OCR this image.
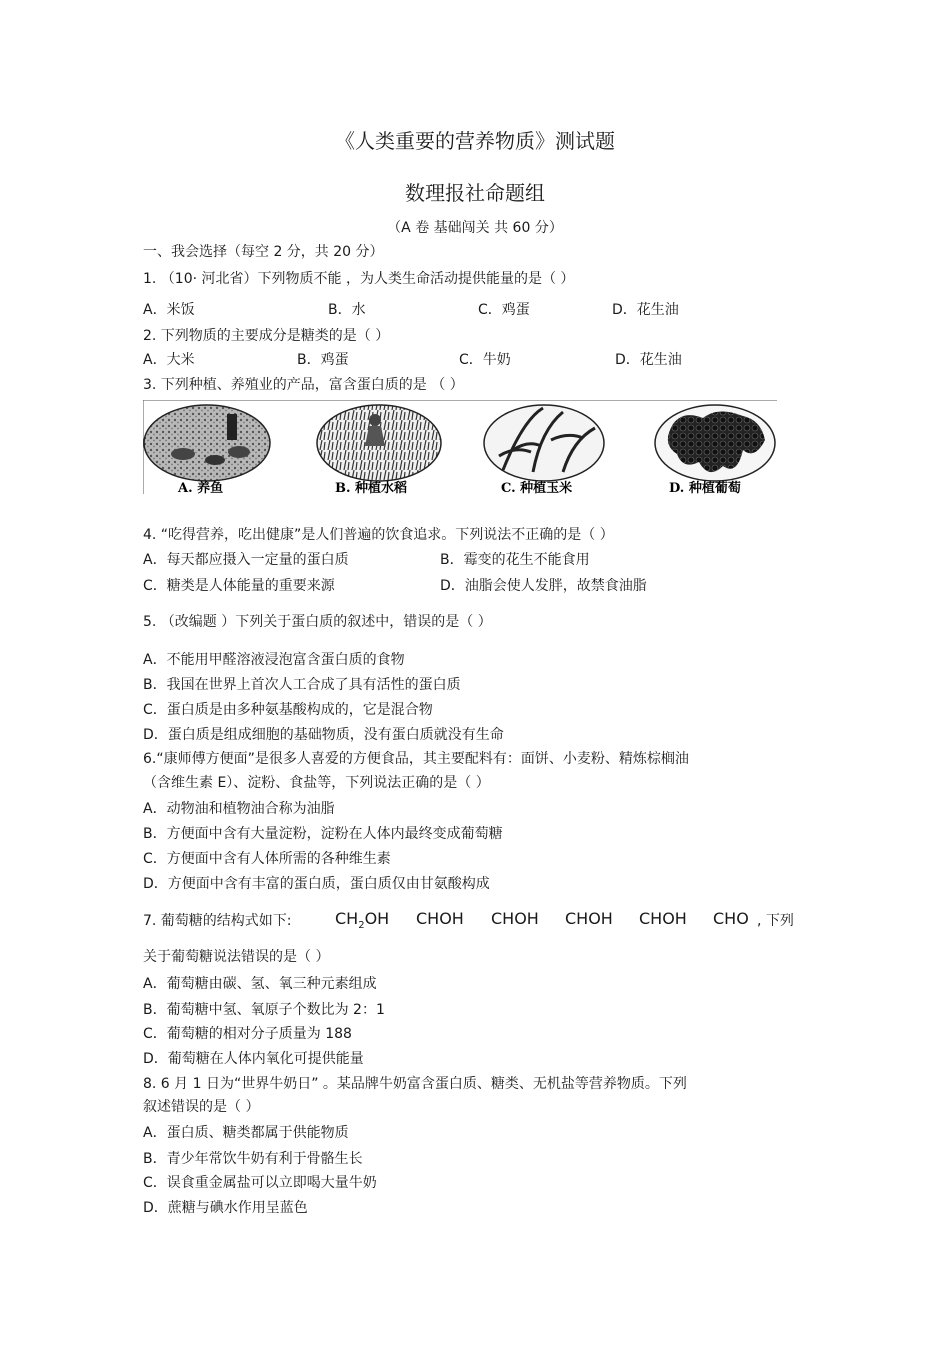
《人类重要的营养物质》测试题
数理报社命题组
（A 卷 基础闯关 共 60 分）
一、我会选择（每空 2 分，共 20 分）
1. （10· 河北省）下列物质不能 ，为人类生命活动提供能量的是（ ）
A．米饭	B．水	C．鸡蛋	D．花生油
2. 下列物质的主要成分是糖类的是（ ）
A．大米	B．鸡蛋	C．牛奶	D．花生油
3. 下列种植、养殖业的产品，富含蛋白质的是 （ ）
A. 养鱼	B. 种植水稻	C. 种植玉米	D. 种植葡萄
4. “吃得营养，吃出健康”是人们普遍的饮食追求。下列说法不正确的是（ ）
A．每天都应摄入一定量的蛋白质	B．霉变的花生不能食用
C．糖类是人体能量的重要来源	D．油脂会使人发胖，故禁食油脂
5. （改编题 ）下列关于蛋白质的叙述中，错误的是（ ）
A．不能用甲醛溶液浸泡富含蛋白质的食物
B．我国在世界上首次人工合成了具有活性的蛋白质
C．蛋白质是由多种氨基酸构成的，它是混合物
D．蛋白质是组成细胞的基础物质，没有蛋白质就没有生命
6.“康师傅方便面”是很多人喜爱的方便食品，其主要配料有：面饼、小麦粉、精炼棕榈油
（含维生素 E）、淀粉、食盐等，下列说法正确的是（ ）
A．动物油和植物油合称为油脂
B．方便面中含有大量淀粉，淀粉在人体内最终变成葡萄糖
C．方便面中含有人体所需的各种维生素
D．方便面中含有丰富的蛋白质，蛋白质仅由甘氨酸构成
7. 葡萄糖的结构式如下:	$CH_2OH$ CHOH CHOH CHOH CHOH CHO , 下列
关于葡萄糖说法错误的是（ ）
A．葡萄糖由碳、氢、氧三种元素组成
B．葡萄糖中氢、氧原子个数比为 2：1
C．葡萄糖的相对分子质量为 188
D．葡萄糖在人体内氧化可提供能量
8. 6 月 1 日为“世界牛奶日” 。某品牌牛奶富含蛋白质、糖类、无机盐等营养物质。下列
叙述错误的是（ ）
A．蛋白质、糖类都属于供能物质
B．青少年常饮牛奶有利于骨骼生长
C．误食重金属盐可以立即喝大量牛奶
D．蔗糖与碘水作用呈蓝色
